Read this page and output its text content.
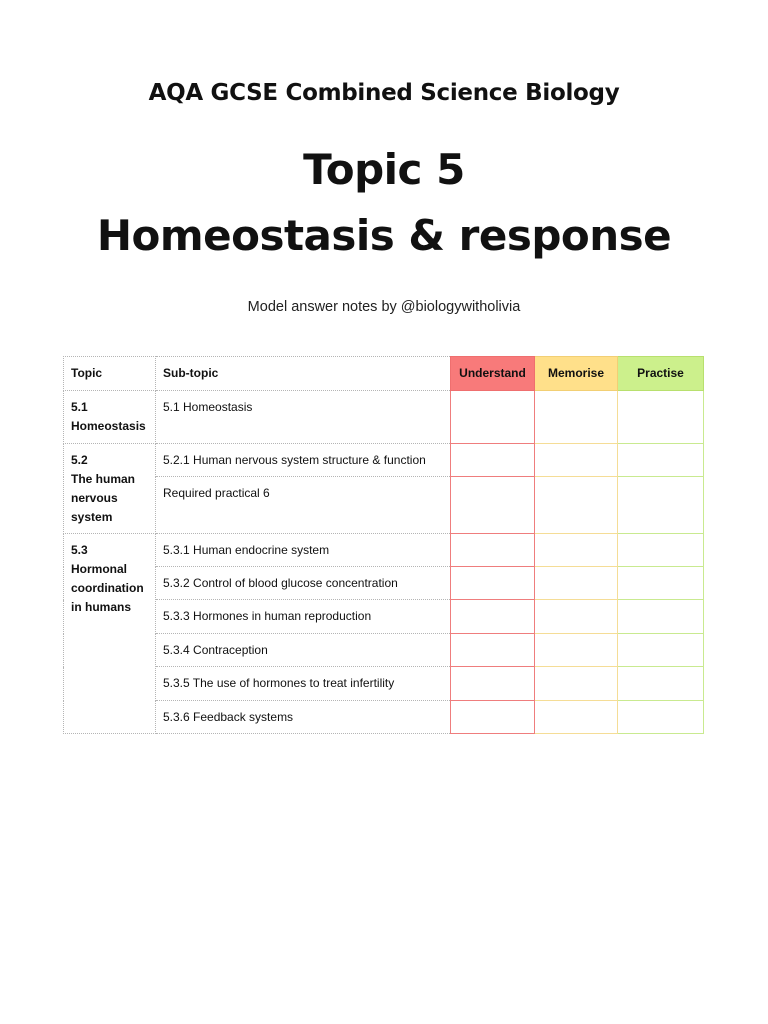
AQA GCSE Combined Science Biology
Topic 5
Homeostasis & response
Model answer notes by @biologywitholivia
Topic	Sub-topic	Understand	Memorise	Practise

5.1
Homeostasis	5.1 Homeostasis			

5.2
The human nervous system	5.2.1 Human nervous system structure & function			
	Required practical 6			

5.3
Hormonal coordination in humans	5.3.1 Human endocrine system			
	5.3.2 Control of blood glucose concentration			
	5.3.3 Hormones in human reproduction			
	5.3.4 Contraception			
	5.3.5 The use of hormones to treat infertility			
	5.3.6 Feedback systems			
